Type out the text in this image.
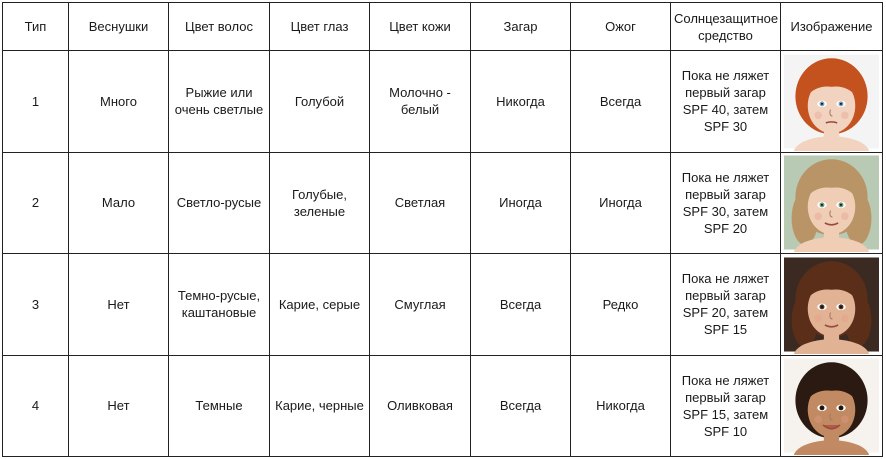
Тип	Веснушки	Цвет волос	Цвет глаз	Цвет кожи	Загар	Ожог	Солнцезащитное средство	Изображение
1	Много	Рыжие или очень светлые	Голубой	Молочно - белый	Никогда	Всегда	Пока не ляжет первый загар SPF 40, затем SPF 30	

2	Мало	Светло-русые	Голубые, зеленые	Светлая	Иногда	Иногда	Пока не ляжет первый загар SPF 30, затем SPF 20	

3	Нет	Темно-русые, каштановые	Карие, серые	Смуглая	Всегда	Редко	Пока не ляжет первый загар SPF 20, затем SPF 15	

4	Нет	Темные	Карие, черные	Оливковая	Всегда	Никогда	Пока не ляжет первый загар SPF 15, затем SPF 10	
